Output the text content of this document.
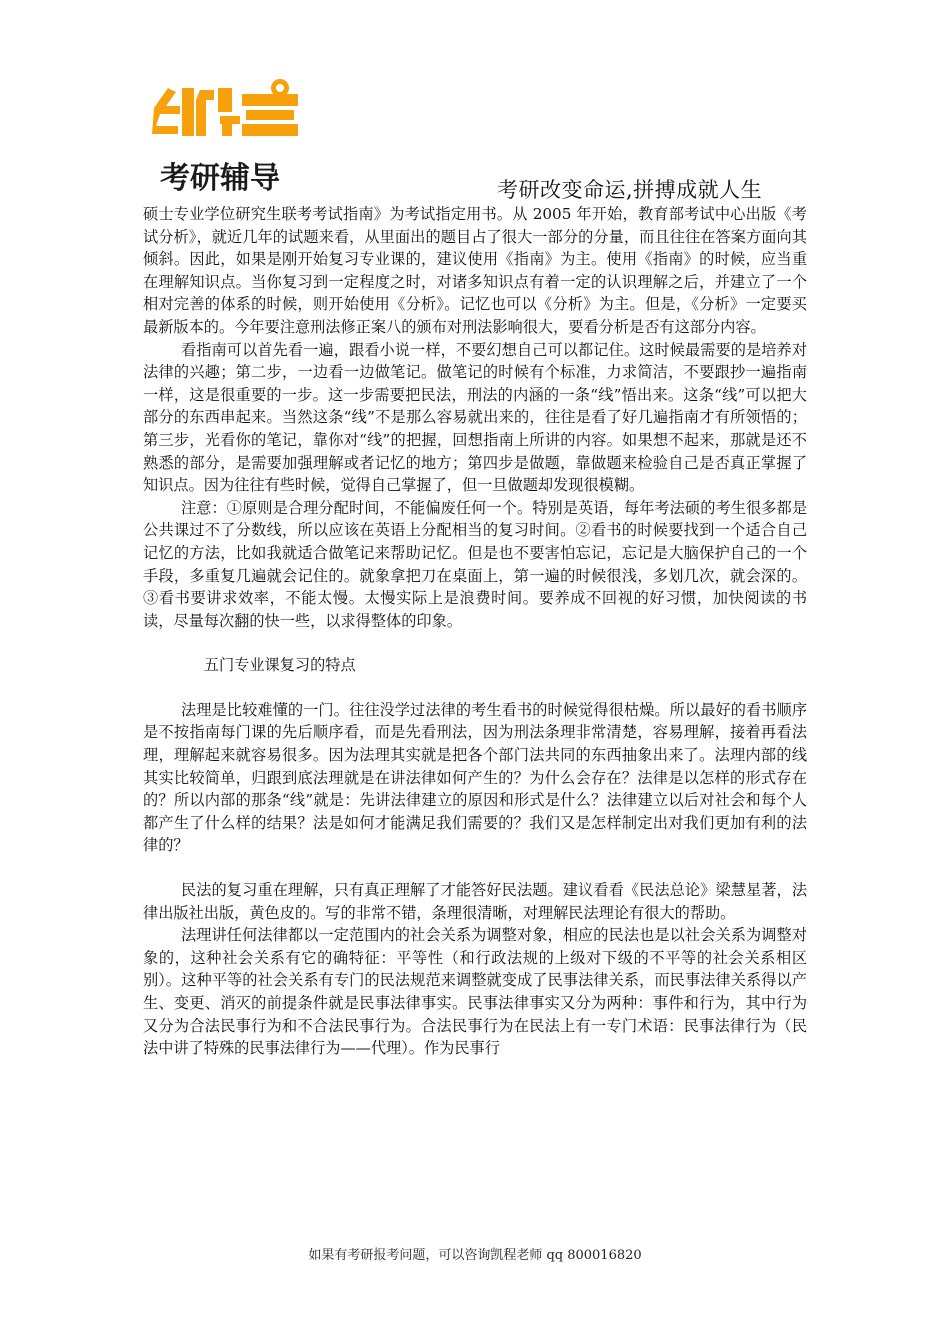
考研辅导	考研改变命运,拼搏成就人生

硕士专业学位研究生联考考试指南》为考试指定用书。从 2005 年开始，教育部考试中心出版《考试分析》，就近几年的试题来看，从里面出的题目占了很大一部分的分量，而且往往在答案方面向其倾斜。因此，如果是刚开始复习专业课的，建议使用《指南》为主。使用《指南》的时候，应当重在理解知识点。当你复习到一定程度之时，对诸多知识点有着一定的认识理解之后，并建立了一个相对完善的体系的时候，则开始使用《分析》。记忆也可以《分析》为主。但是，《分析》一定要买最新版本的。今年要注意刑法修正案八的颁布对刑法影响很大，要看分析是否有这部分内容。

看指南可以首先看一遍，跟看小说一样，不要幻想自己可以都记住。这时候最需要的是培养对法律的兴趣；第二步，一边看一边做笔记。做笔记的时候有个标准，力求简洁，不要跟抄一遍指南一样，这是很重要的一步。这一步需要把民法，刑法的内涵的一条“线”悟出来。这条“线”可以把大部分的东西串起来。当然这条“线”不是那么容易就出来的，往往是看了好几遍指南才有所领悟的；第三步，光看你的笔记，靠你对“线”的把握，回想指南上所讲的内容。如果想不起来，那就是还不熟悉的部分，是需要加强理解或者记忆的地方；第四步是做题，靠做题来检验自己是否真正掌握了知识点。因为往往有些时候，觉得自己掌握了，但一旦做题却发现很模糊。

注意：①原则是合理分配时间，不能偏废任何一个。特别是英语，每年考法硕的考生很多都是公共课过不了分数线，所以应该在英语上分配相当的复习时间。②看书的时候要找到一个适合自己记忆的方法，比如我就适合做笔记来帮助记忆。但是也不要害怕忘记，忘记是大脑保护自己的一个手段，多重复几遍就会记住的。就象拿把刀在桌面上，第一遍的时候很浅，多划几次，就会深的。③看书要讲求效率，不能太慢。太慢实际上是浪费时间。要养成不回视的好习惯，加快阅读的书读，尽量每次翻的快一些，以求得整体的印象。

五门专业课复习的特点

法理是比较难懂的一门。往往没学过法律的考生看书的时候觉得很枯燥。所以最好的看书顺序是不按指南每门课的先后顺序看，而是先看刑法，因为刑法条理非常清楚，容易理解，接着再看法理，理解起来就容易很多。因为法理其实就是把各个部门法共同的东西抽象出来了。法理内部的线其实比较简单，归跟到底法理就是在讲法律如何产生的？为什么会存在？法律是以怎样的形式存在的？所以内部的那条“线”就是：先讲法律建立的原因和形式是什么？法律建立以后对社会和每个人都产生了什么样的结果？法是如何才能满足我们需要的？我们又是怎样制定出对我们更加有利的法律的？

民法的复习重在理解，只有真正理解了才能答好民法题。建议看看《民法总论》梁慧星著，法律出版社出版，黄色皮的。写的非常不错，条理很清晰，对理解民法理论有很大的帮助。

法理讲任何法律都以一定范围内的社会关系为调整对象，相应的民法也是以社会关系为调整对象的，这种社会关系有它的确特征：平等性（和行政法规的上级对下级的不平等的社会关系相区别）。这种平等的社会关系有专门的民法规范来调整就变成了民事法律关系，而民事法律关系得以产生、变更、消灭的前提条件就是民事法律事实。民事法律事实又分为两种：事件和行为，其中行为又分为合法民事行为和不合法民事行为。合法民事行为在民法上有一专门术语：民事法律行为（民法中讲了特殊的民事法律行为——代理）。作为民事行

如果有考研报考问题，可以咨询凯程老师 qq 800016820
